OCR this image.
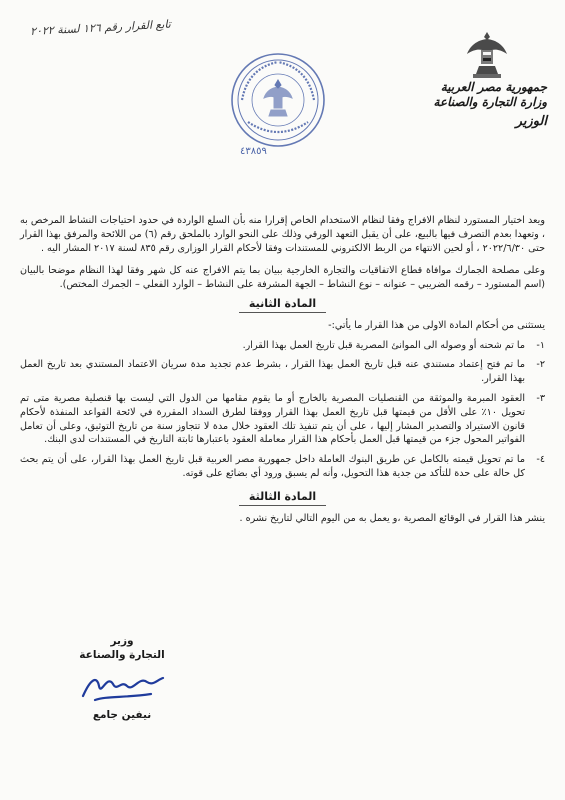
تابع القرار رقم ١٢٦ لسنة ٢٠٢٢
جمهورية مصر العربية
وزارة التجارة والصناعة
الوزير
٤٣٨٥٩

ويعد اختيار المستورد لنظام الافراج وفقا لنظام الاستخدام الخاص إقرارا منه بأن السلع الواردة في حدود احتياجات النشاط المرخص به ، وتعهدا بعدم التصرف فيها بالبيع، على أن يقبل التعهد الورقي وذلك على النحو الوارد بالملحق رقم (٦) من اللائحة والمرفق بهذا القرار حتى ٢٠٢٢/٦/٣٠ ، أو لحين الانتهاء من الربط الالكتروني للمستندات وفقا لأحكام القرار الوزارى رقم ٨٣٥ لسنة ٢٠١٧ المشار اليه .

وعلى مصلحة الجمارك موافاة قطاع الاتفاقيات والتجارة الخارجية ببيان بما يتم الافراج عنه كل شهر وفقا لهذا النظام موضحا بالبيان (اسم المستورد – رقمه الضريبي – عنوانه – نوع النشاط – الجهة المشرفة على النشاط – الوارد الفعلي – الجمرك المختص).

المادة الثانية

يستثنى من أحكام المادة الاولى من هذا القرار ما يأتي:-

١-
ما تم شحنه أو وصوله الى الموانئ المصرية قبل تاريخ العمل بهذا القرار.
٢-
ما تم فتح إعتماد مستندي عنه قبل تاريخ العمل بهذا القرار ، بشرط عدم تجديد مدة سريان الاعتماد المستندي بعد تاريخ العمل بهذا القرار.
٣-
العقود المبرمة والموثقة من القنصليات المصرية بالخارج أو ما يقوم مقامها من الدول التي ليست بها قنصلية مصرية متى تم تحويل ١٠٪ على الأقل من قيمتها قبل تاريخ العمل بهذا القرار ووفقا لطرق السداد المقررة في لائحة القواعد المنفذة لأحكام قانون الاستيراد والتصدير المشار إليها ، على أن يتم تنفيذ تلك العقود خلال مدة لا تتجاوز سنة من تاريخ التوثيق، وعلى أن تعامل الفواتير المحول جزء من قيمتها قبل العمل بأحكام هذا القرار معاملة العقود باعتبارها ثابتة التاريخ في المستندات لدى البنك.
٤-
ما تم تحويل قيمته بالكامل عن طريق البنوك العاملة داخل جمهورية مصر العربية قبل تاريخ العمل بهذا القرار، على أن يتم بحث كل حالة على حدة للتأكد من جدية هذا التحويل، وأنه لم يسبق ورود أي بضائع على قوته.
المادة الثالثة

ينشر هذا القرار في الوقائع المصرية ،و يعمل به من اليوم التالي لتاريخ نشره .

وزير
التجارة والصناعة
نيفين جامع
